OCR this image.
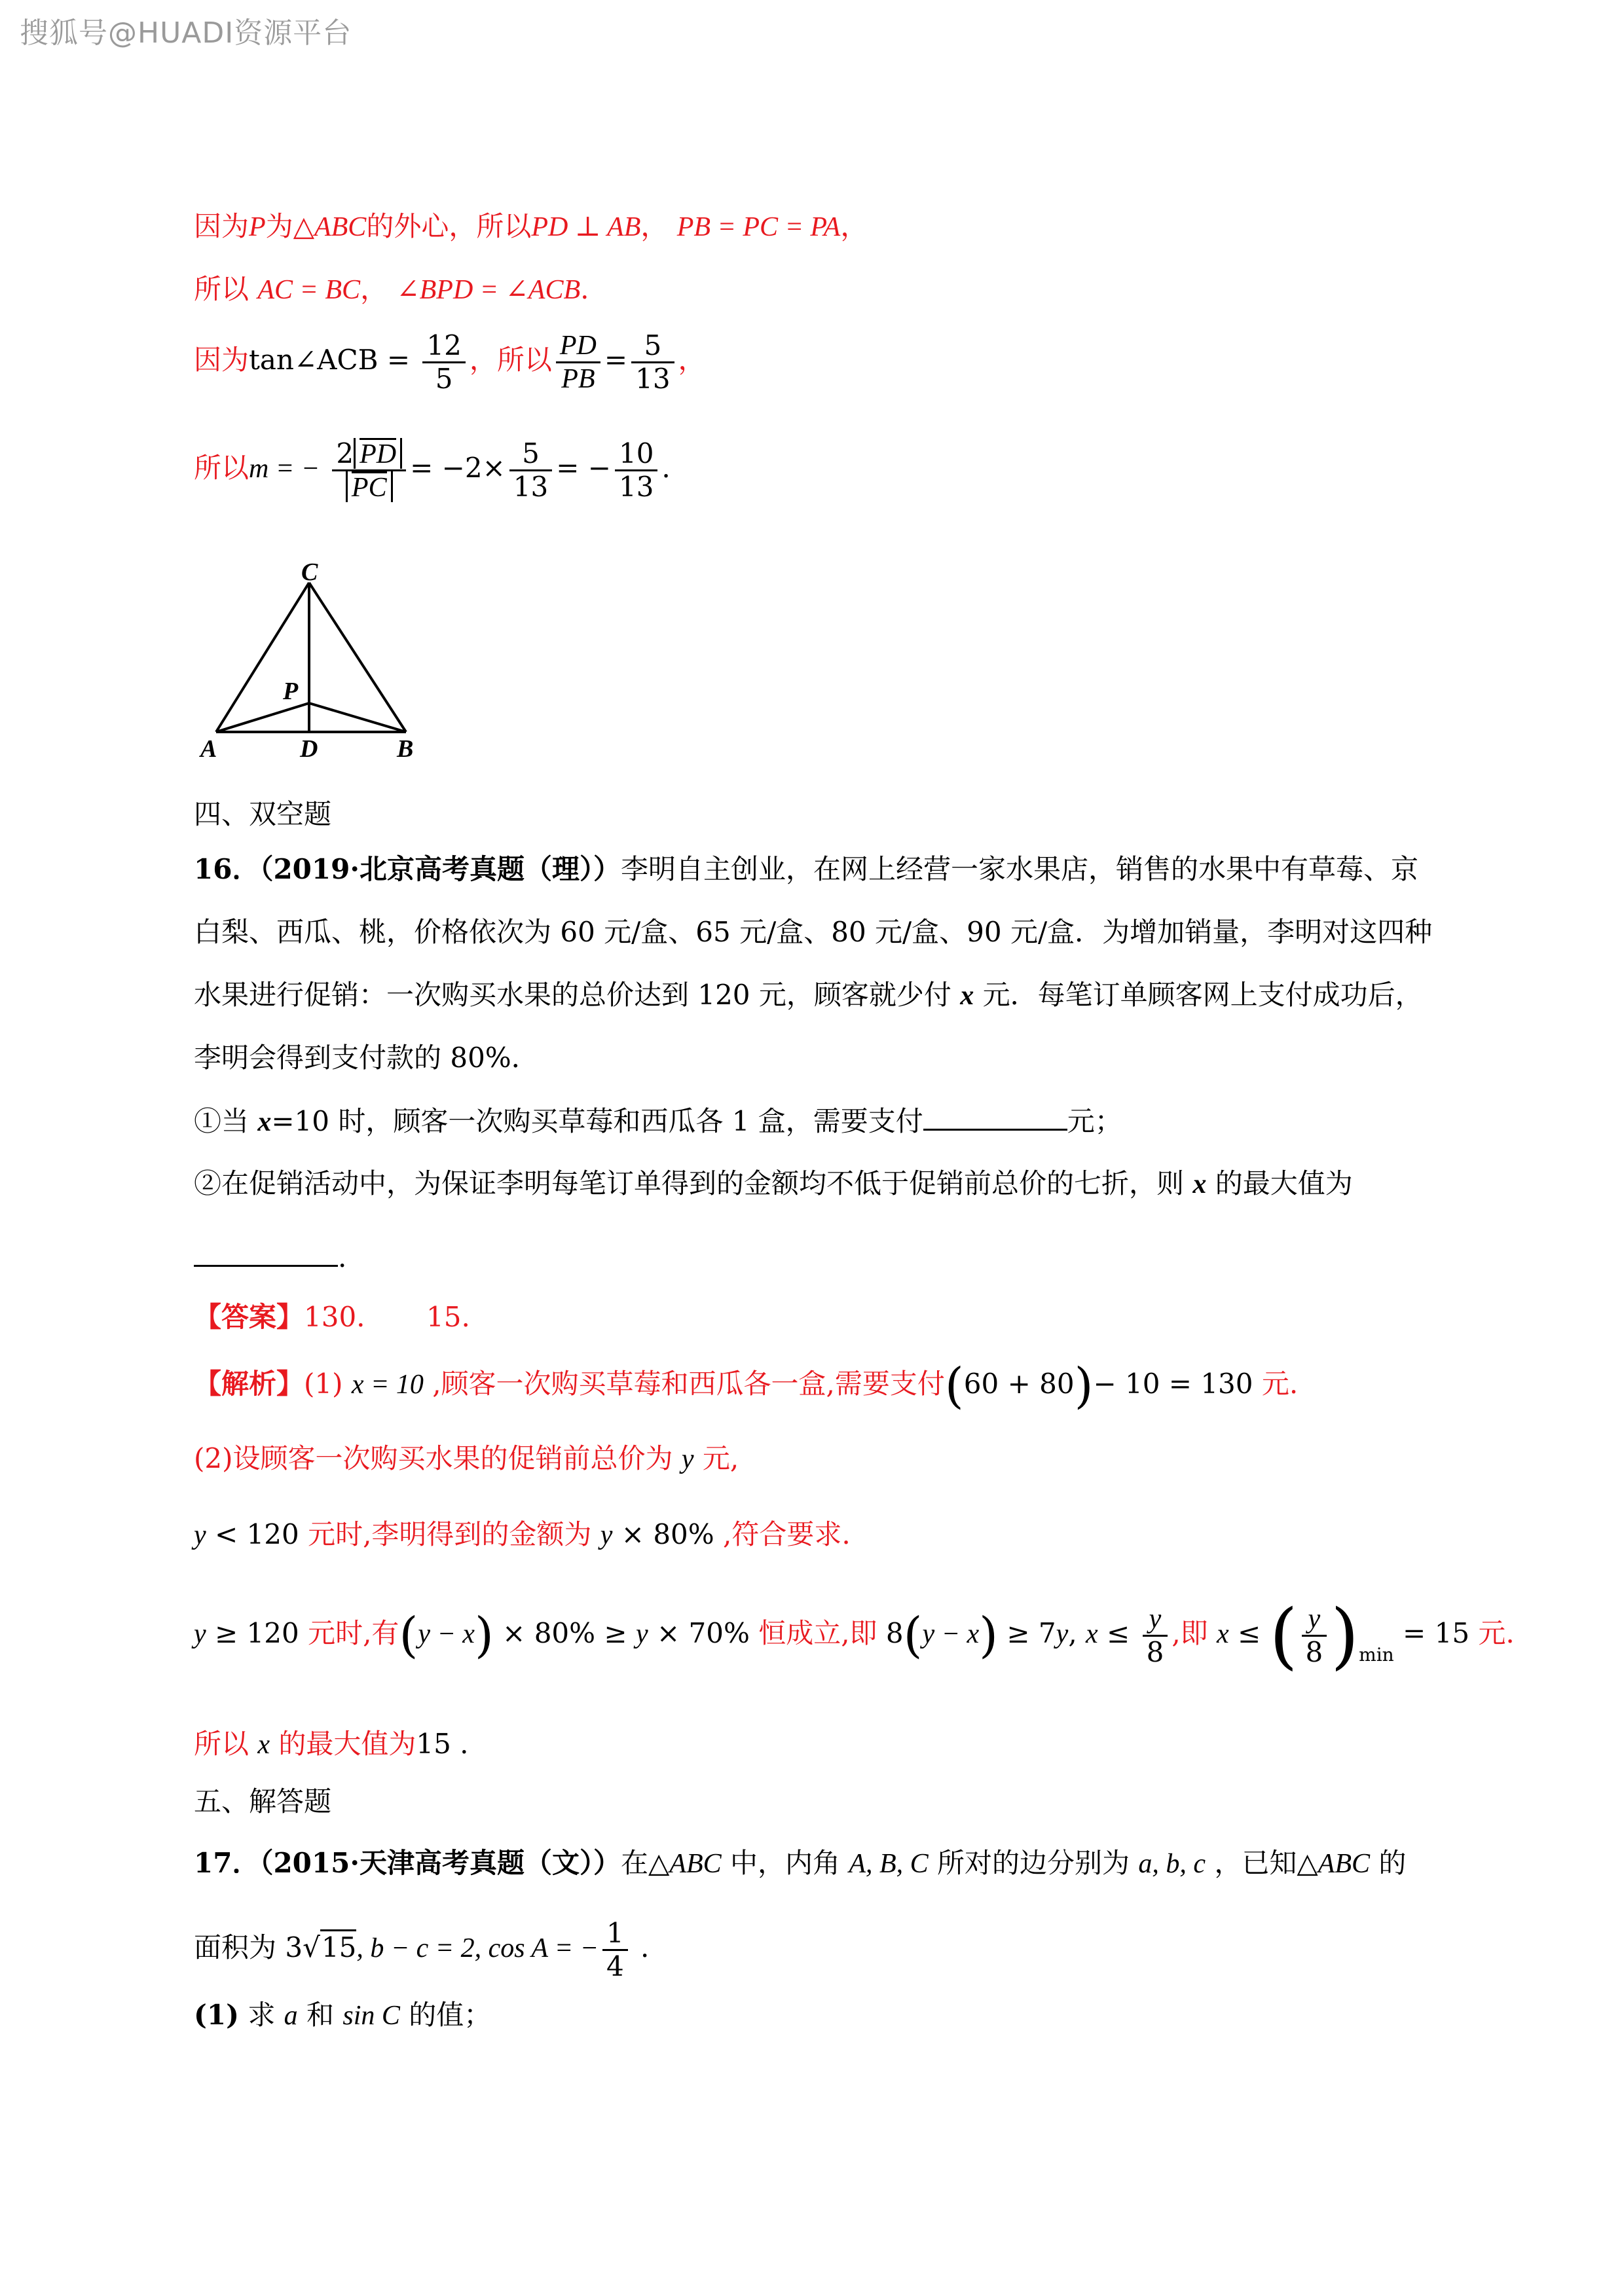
搜狐号@HUADI资源平台
因为P为△ABC的外心，所以PD ⊥ AB， PB = PC = PA，
所以 AC = BC， ∠BPD = ∠ACB.
因为tan∠ACB = $\frac{12}{5}$ ，所以 $\frac{PD}{PB} = \frac{5}{13}$ ，
所以m = − $\frac{2 PD}{PC} = -2\times \frac{5}{13}$ = − $\frac{10}{13}$ .
C
P
A	D	B
四、双空题
16．（2019·北京高考真题（理））李明自主创业，在网上经营一家水果店，销售的水果中有草莓、京
白梨、西瓜、桃，价格依次为 60 元/盒、65 元/盒、80 元/盒、90 元/盒．为增加销量，李明对这四种
水果进行促销：一次购买水果的总价达到 120 元，顾客就少付 x 元．每笔订单顾客网上支付成功后，
李明会得到支付款的 80%．
①当 x=10 时，顾客一次购买草莓和西瓜各 1 盒，需要支付	元；
②在促销活动中，为保证李明每笔订单得到的金额均不低于促销前总价的七折，则 x 的最大值为
.
【答案】130. 15.
【解析】(1) x = 10 ,顾客一次购买草莓和西瓜各一盒,需要支付(60 + 80)− 10 = 130 元.
(2)设顾客一次购买水果的促销前总价为 y 元,
y < 120 元时,李明得到的金额为 y × 80% ,符合要求.
y ≥ 120 元时,有(y − x) × 80% ≥ y × 70% 恒成立,即 8(y − x) ≥ 7y, $x \le \frac{y}{8}$ ,即 x ≤ ( $\frac{y}{8} )_{min} = 15$ 元.
所以 x 的最大值为15 .
五、解答题
17．（2015·天津高考真题（文））在△ABC 中，内角 A, B, C 所对的边分别为 a, b, c ，已知△ABC 的
面积为 3√15, b − c = 2, cos A = − $\frac{1}{4}$ .
(1) 求 a 和 sin C 的值；
